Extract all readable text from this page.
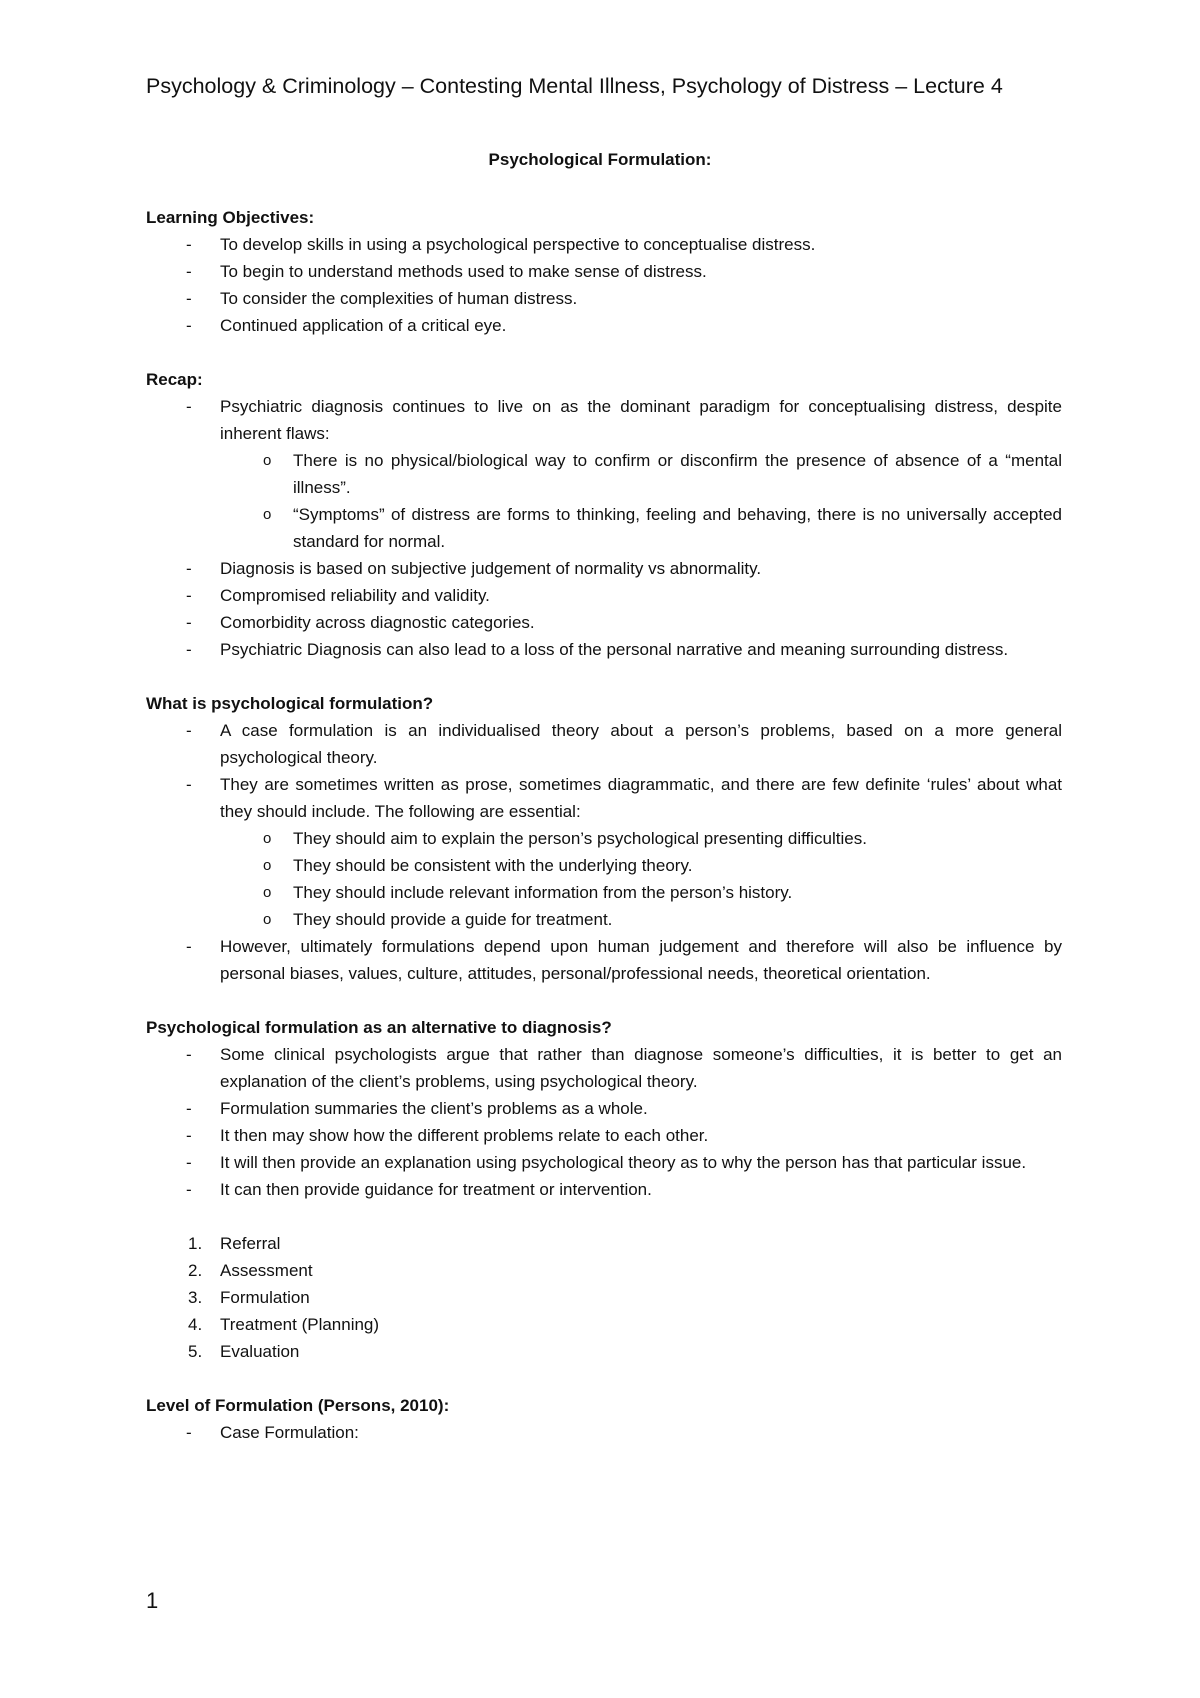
Psychology & Criminology – Contesting Mental Illness, Psychology of Distress – Lecture 4
Psychological Formulation:
Learning Objectives:
- To develop skills in using a psychological perspective to conceptualise distress.
- To begin to understand methods used to make sense of distress.
- To consider the complexities of human distress.
- Continued application of a critical eye.
Recap:
- Psychiatric diagnosis continues to live on as the dominant paradigm for conceptualising distress, despite inherent flaws:
o There is no physical/biological way to confirm or disconfirm the presence of absence of a “mental illness”.
o “Symptoms” of distress are forms to thinking, feeling and behaving, there is no universally accepted standard for normal.
- Diagnosis is based on subjective judgement of normality vs abnormality.
- Compromised reliability and validity.
- Comorbidity across diagnostic categories.
- Psychiatric Diagnosis can also lead to a loss of the personal narrative and meaning surrounding distress.
What is psychological formulation?
- A case formulation is an individualised theory about a person’s problems, based on a more general psychological theory.
- They are sometimes written as prose, sometimes diagrammatic, and there are few definite ‘rules’ about what they should include. The following are essential:
o They should aim to explain the person’s psychological presenting difficulties.
o They should be consistent with the underlying theory.
o They should include relevant information from the person’s history.
o They should provide a guide for treatment.
- However, ultimately formulations depend upon human judgement and therefore will also be influence by personal biases, values, culture, attitudes, personal/professional needs, theoretical orientation.
Psychological formulation as an alternative to diagnosis?
- Some clinical psychologists argue that rather than diagnose someone’s difficulties, it is better to get an explanation of the client’s problems, using psychological theory.
- Formulation summaries the client’s problems as a whole.
- It then may show how the different problems relate to each other.
- It will then provide an explanation using psychological theory as to why the person has that particular issue.
- It can then provide guidance for treatment or intervention.
1. Referral
2. Assessment
3. Formulation
4. Treatment (Planning)
5. Evaluation
Level of Formulation (Persons, 2010):
- Case Formulation:
1
